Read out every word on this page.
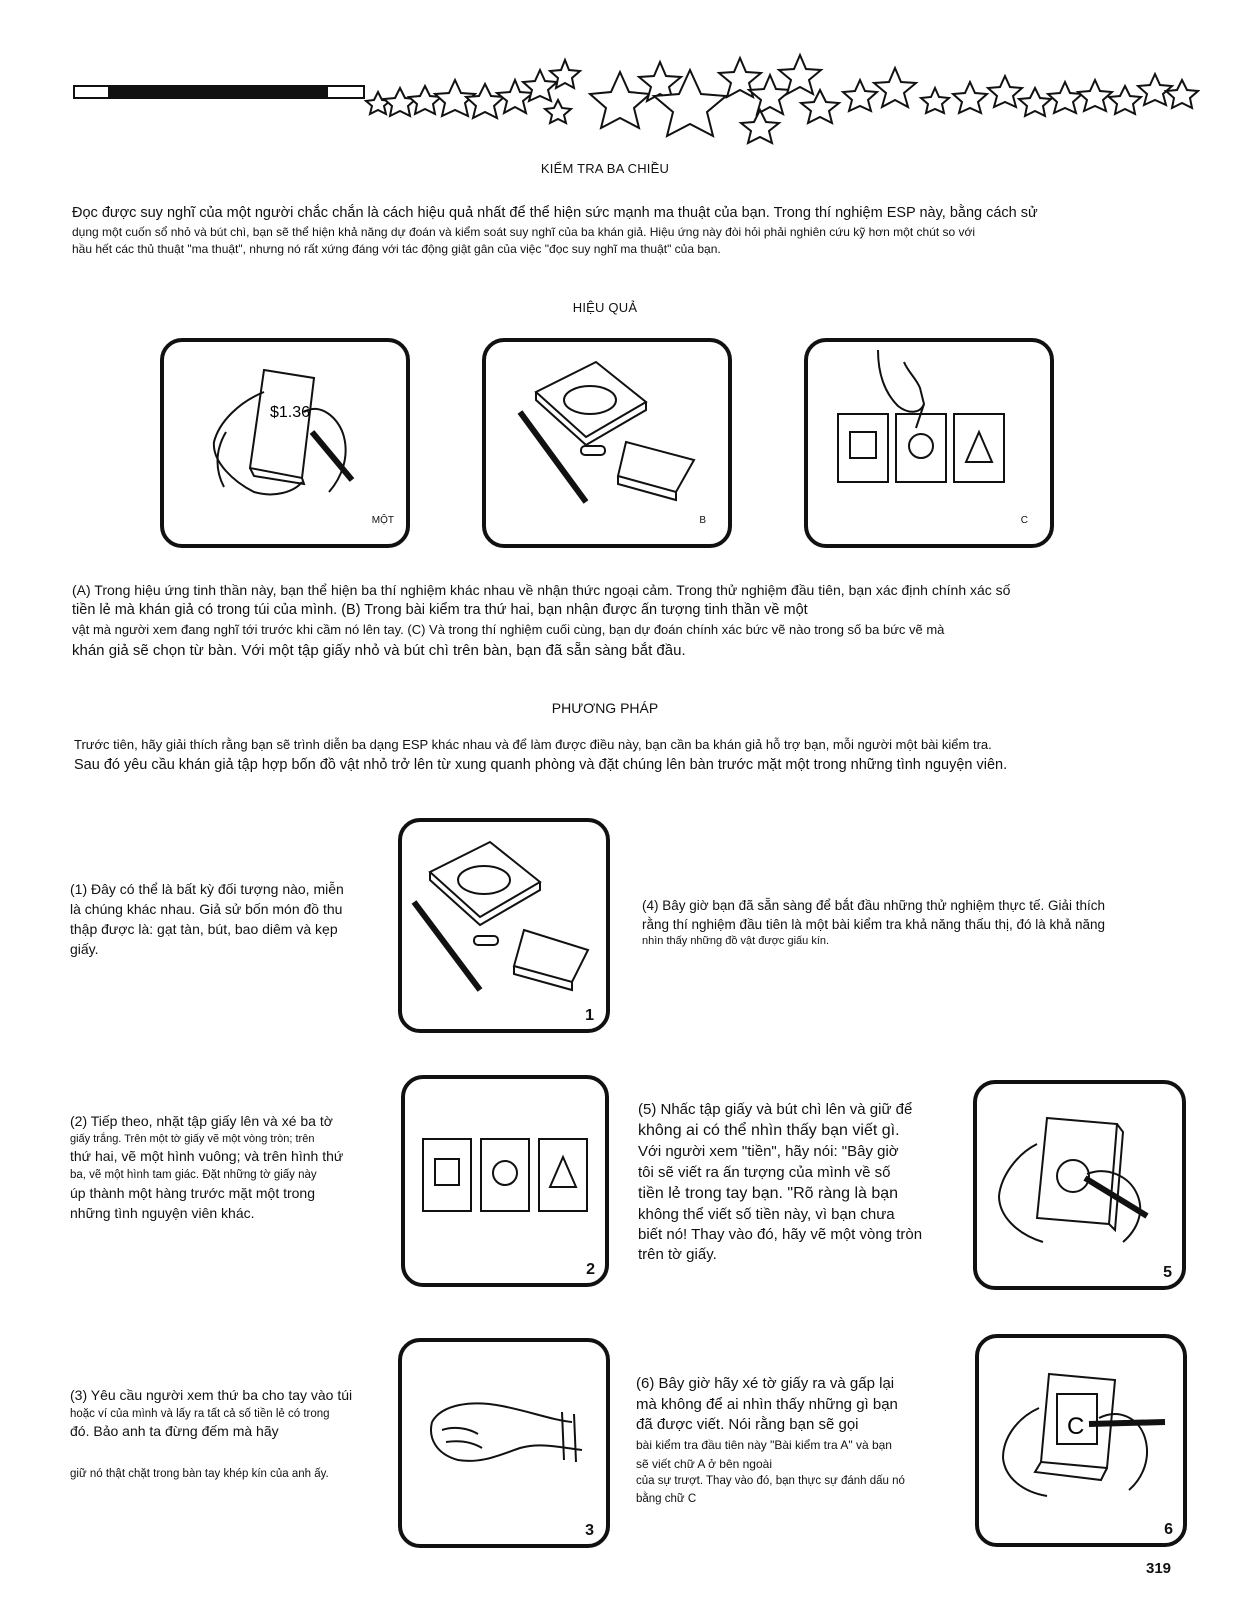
KIỂM TRA BA CHIỀU
Đọc được suy nghĩ của một người chắc chắn là cách hiệu quả nhất để thể hiện sức mạnh ma thuật của bạn. Trong thí nghiệm ESP này, bằng cách sử
dụng một cuốn sổ nhỏ và bút chì, bạn sẽ thể hiện khả năng dự đoán và kiểm soát suy nghĩ của ba khán giả. Hiệu ứng này đòi hỏi phải nghiên cứu kỹ hơn một chút so với
hầu hết các thủ thuật "ma thuật", nhưng nó rất xứng đáng với tác động giật gân của việc "đọc suy nghĩ ma thuật" của bạn.
HIỆU QUẢ
$1.36
MỘT	B	C
(A) Trong hiệu ứng tinh thần này, bạn thể hiện ba thí nghiệm khác nhau về nhận thức ngoại cảm. Trong thử nghiệm đầu tiên, bạn xác định chính xác số
tiền lẻ mà khán giả có trong túi của mình. (B) Trong bài kiểm tra thứ hai, bạn nhận được ấn tượng tinh thần về một
vật mà người xem đang nghĩ tới trước khi cầm nó lên tay. (C) Và trong thí nghiệm cuối cùng, bạn dự đoán chính xác bức vẽ nào trong số ba bức vẽ mà
khán giả sẽ chọn từ bàn. Với một tập giấy nhỏ và bút chì trên bàn, bạn đã sẵn sàng bắt đầu.
PHƯƠNG PHÁP
Trước tiên, hãy giải thích rằng bạn sẽ trình diễn ba dạng ESP khác nhau và để làm được điều này, bạn cần ba khán giả hỗ trợ bạn, mỗi người một bài kiểm tra.
Sau đó yêu cầu khán giả tập hợp bốn đồ vật nhỏ trở lên từ xung quanh phòng và đặt chúng lên bàn trước mặt một trong những tình nguyện viên.
(1) Đây có thể là bất kỳ đối tượng nào, miễn
là chúng khác nhau. Giả sử bốn món đồ thu
thập được là: gạt tàn, bút, bao diêm và kẹp
giấy.
1
(4) Bây giờ bạn đã sẵn sàng để bắt đầu những thử nghiệm thực tế. Giải thích
rằng thí nghiệm đầu tiên là một bài kiểm tra khả năng thấu thị, đó là khả năng
nhìn thấy những đồ vật được giấu kín.
(2) Tiếp theo, nhặt tập giấy lên và xé ba tờ
giấy trắng. Trên một tờ giấy vẽ một vòng tròn; trên
thứ hai, vẽ một hình vuông; và trên hình thứ
ba, vẽ một hình tam giác. Đặt những tờ giấy này
úp thành một hàng trước mặt một trong
những tình nguyện viên khác.
2
(5) Nhấc tập giấy và bút chì lên và giữ để
không ai có thể nhìn thấy bạn viết gì.
Với người xem "tiền", hãy nói: "Bây giờ
tôi sẽ viết ra ấn tượng của mình về số
tiền lẻ trong tay bạn. "Rõ ràng là bạn
không thể viết số tiền này, vì bạn chưa
biết nó! Thay vào đó, hãy vẽ một vòng tròn
trên tờ giấy.
5
(3) Yêu cầu người xem thứ ba cho tay vào túi
hoặc ví của mình và lấy ra tất cả số tiền lẻ có trong
đó. Bảo anh ta đừng đếm mà hãy
giữ nó thật chặt trong bàn tay khép kín của anh ấy.
3
(6) Bây giờ hãy xé tờ giấy ra và gấp lại
mà không để ai nhìn thấy những gì bạn
đã được viết. Nói rằng bạn sẽ gọi
bài kiểm tra đầu tiên này "Bài kiểm tra A" và bạn
sẽ viết chữ A ở bên ngoài
của sự trượt. Thay vào đó, bạn thực sự đánh dấu nó
bằng chữ C
C
6
319
